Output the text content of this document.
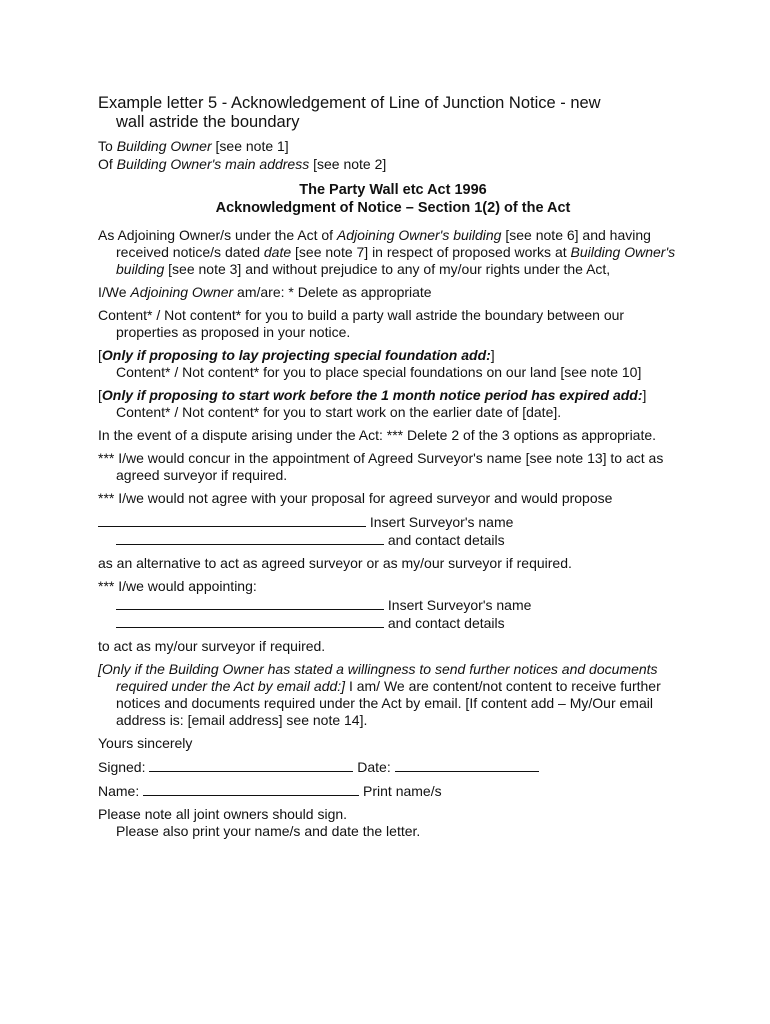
Example letter 5 - Acknowledgement of Line of Junction Notice - new
wall astride the boundary
To Building Owner [see note 1]
Of Building Owner's main address [see note 2]
The Party Wall etc Act 1996
Acknowledgment of Notice – Section 1(2) of the Act
As Adjoining Owner/s under the Act of Adjoining Owner's building [see note 6] and having received notice/s dated date [see note 7] in respect of proposed works at Building Owner's building [see note 3] and without prejudice to any of my/our rights under the Act,
I/We Adjoining Owner am/are: * Delete as appropriate
Content* / Not content* for you to build a party wall astride the boundary between our properties as proposed in your notice.
[Only if proposing to lay projecting special foundation add:]
Content* / Not content* for you to place special foundations on our land [see note 10]
[Only if proposing to start work before the 1 month notice period has expired add:]
Content* / Not content* for you to start work on the earlier date of [date].
In the event of a dispute arising under the Act: *** Delete 2 of the 3 options as appropriate.
*** I/we would concur in the appointment of Agreed Surveyor's name [see note 13] to act as agreed surveyor if required.
*** I/we would not agree with your proposal for agreed surveyor and would propose
Insert Surveyor's name
and contact details
as an alternative to act as agreed surveyor or as my/our surveyor if required.
*** I/we would appointing:
Insert Surveyor's name
and contact details
to act as my/our surveyor if required.
[Only if the Building Owner has stated a willingness to send further notices and documents required under the Act by email add:] I am/ We are content/not content to receive further notices and documents required under the Act by email. [If content add – My/Our email address is: [email address] see note 14].
Yours sincerely
Signed:	Date:
Name:	Print name/s
Please note all joint owners should sign.
Please also print your name/s and date the letter.
